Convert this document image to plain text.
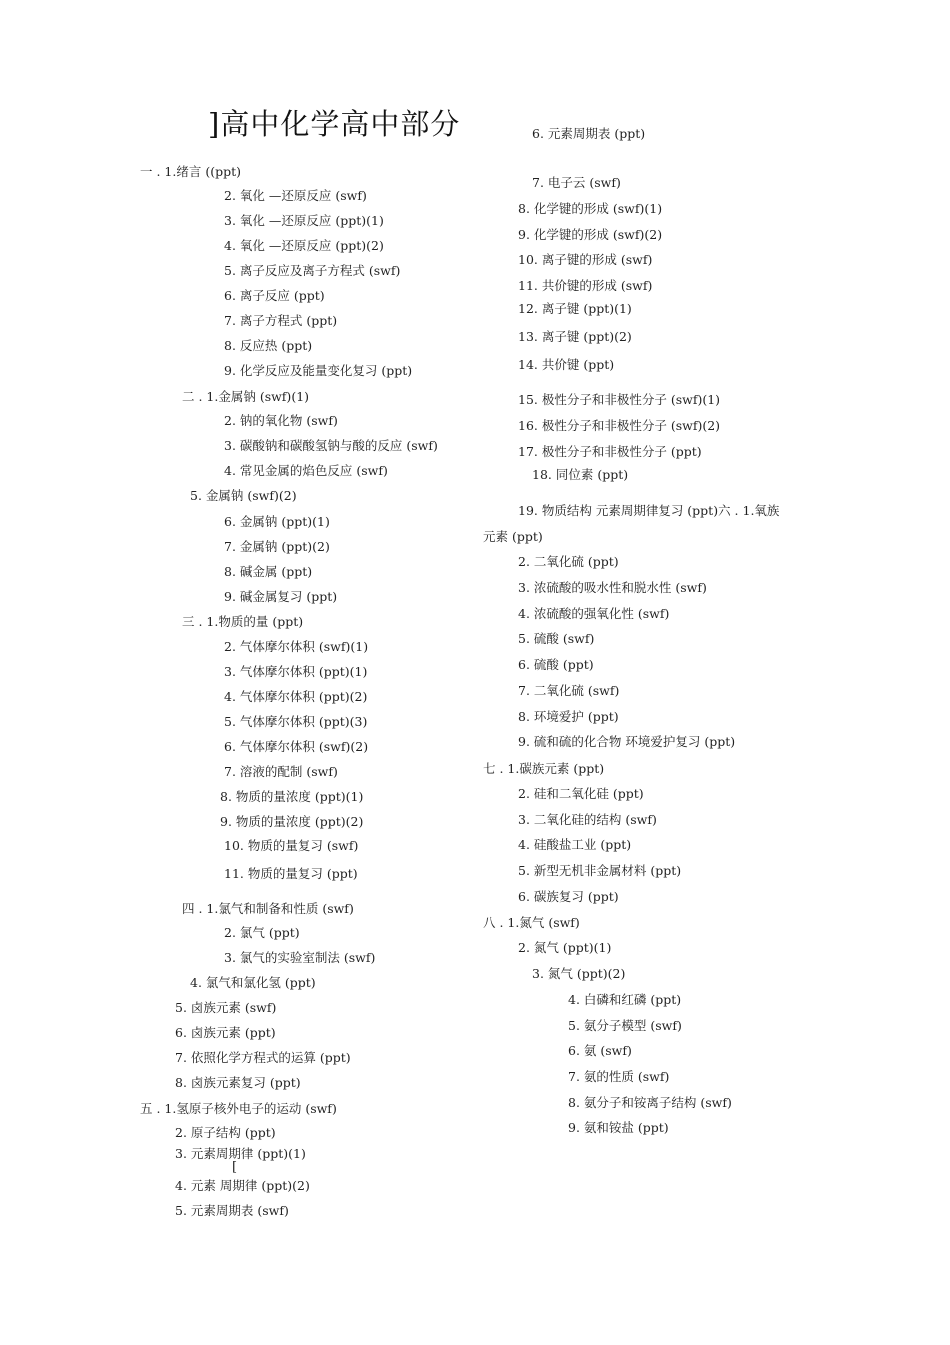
]高中化学高中部分
一 . 1.绪言 ((ppt)
2. 氧化 —还原反应 (swf)
3. 氧化 —还原反应 (ppt)(1)
4. 氧化 —还原反应 (ppt)(2)
5. 离子反应及离子方程式 (swf)
6. 离子反应 (ppt)
7. 离子方程式 (ppt)
8. 反应热 (ppt)
9. 化学反应及能量变化复习 (ppt)
二 . 1.金属钠 (swf)(1)
2. 钠的氧化物 (swf)
3. 碳酸钠和碳酸氢钠与酸的反应 (swf)
4. 常见金属的焰色反应 (swf)
5. 金属钠 (swf)(2)
6. 金属钠 (ppt)(1)
7. 金属钠 (ppt)(2)
8. 碱金属 (ppt)
9. 碱金属复习 (ppt)
三 . 1.物质的量 (ppt)
2. 气体摩尔体积 (swf)(1)
3. 气体摩尔体积 (ppt)(1)
4. 气体摩尔体积 (ppt)(2)
5. 气体摩尔体积 (ppt)(3)
6. 气体摩尔体积 (swf)(2)
7. 溶液的配制 (swf)
8. 物质的量浓度 (ppt)(1)
9. 物质的量浓度 (ppt)(2)
10. 物质的量复习 (swf)
11. 物质的量复习 (ppt)
四 . 1.氯气和制备和性质 (swf)
2. 氯气 (ppt)
3. 氯气的实验室制法 (swf)
4. 氯气和氯化氢 (ppt)
5. 卤族元素 (swf)
6. 卤族元素 (ppt)
7. 依照化学方程式的运算 (ppt)
8. 卤族元素复习 (ppt)
五 . 1.氢原子核外电子的运动 (swf)
2. 原子结构 (ppt)
3. 元素周期律 (ppt)(1)
4. 元素 周期律 (ppt)(2)
5. 元素周期表 (swf)
6. 元素周期表 (ppt)
7. 电子云 (swf)
8. 化学键的形成 (swf)(1)
9. 化学键的形成 (swf)(2)
10. 离子键的形成 (swf)
11. 共价键的形成 (swf)
12. 离子键 (ppt)(1)
13. 离子键 (ppt)(2)
14. 共价键 (ppt)
15. 极性分子和非极性分子 (swf)(1)
16. 极性分子和非极性分子 (swf)(2)
17. 极性分子和非极性分子 (ppt)
18. 同位素 (ppt)
19. 物质结构 元素周期律复习 (ppt)六 . 1.氧族
元素 (ppt)
2. 二氧化硫 (ppt)
3. 浓硫酸的吸水性和脱水性 (swf)
4. 浓硫酸的强氧化性 (swf)
5. 硫酸 (swf)
6. 硫酸 (ppt)
7. 二氧化硫 (swf)
8. 环境爱护 (ppt)
9. 硫和硫的化合物 环境爱护复习 (ppt)
七 . 1.碳族元素 (ppt)
2. 硅和二氧化硅 (ppt)
3. 二氧化硅的结构 (swf)
4. 硅酸盐工业 (ppt)
5. 新型无机非金属材料 (ppt)
6. 碳族复习 (ppt)
八 . 1.氮气 (swf)
2. 氮气 (ppt)(1)
3. 氮气 (ppt)(2)
4. 白磷和红磷 (ppt)
5. 氨分子模型 (swf)
6. 氨 (swf)
7. 氨的性质 (swf)
8. 氨分子和铵离子结构 (swf)
9. 氨和铵盐 (ppt)
[
